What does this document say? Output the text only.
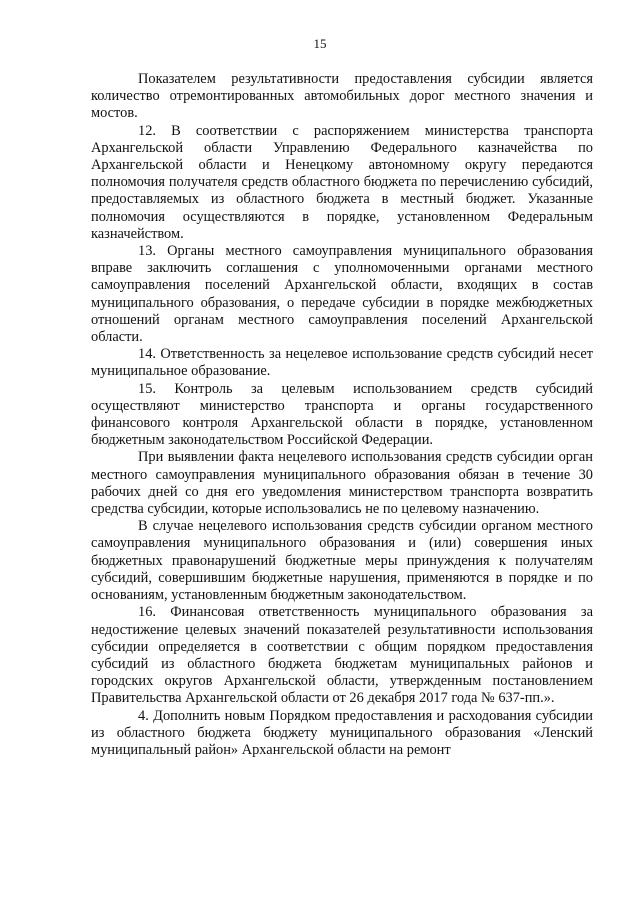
15

Показателем результативности предоставления субсидии является количество отремонтированных автомобильных дорог местного значения и мостов.

12. В соответствии с распоряжением министерства транспорта Архангельской области Управлению Федерального казначейства по Архангельской области и Ненецкому автономному округу передаются полномочия получателя средств областного бюджета по перечислению субсидий, предоставляемых из областного бюджета в местный бюджет. Указанные полномочия осуществляются в порядке, установленном Федеральным казначейством.

13. Органы местного самоуправления муниципального образования вправе заключить соглашения с уполномоченными органами местного самоуправления поселений Архангельской области, входящих в состав муниципального образования, о передаче субсидии в порядке межбюджетных отношений органам местного самоуправления поселений Архангельской области.

14. Ответственность за нецелевое использование средств субсидий несет муниципальное образование.

15. Контроль за целевым использованием средств субсидий осуществляют министерство транспорта и органы государственного финансового контроля Архангельской области в порядке, установленном бюджетным законодательством Российской Федерации.

При выявлении факта нецелевого использования средств субсидии орган местного самоуправления муниципального образования обязан в течение 30 рабочих дней со дня его уведомления министерством транспорта возвратить средства субсидии, которые использовались не по целевому назначению.

В случае нецелевого использования средств субсидии органом местного самоуправления муниципального образования и (или) совершения иных бюджетных правонарушений бюджетные меры принуждения к получателям субсидий, совершившим бюджетные нарушения, применяются в порядке и по основаниям, установленным бюджетным законодательством.

16. Финансовая ответственность муниципального образования за недостижение целевых значений показателей результативности использования субсидии определяется в соответствии с общим порядком предоставления субсидий из областного бюджета бюджетам муниципальных районов и городских округов Архангельской области, утвержденным постановлением Правительства Архангельской области от 26 декабря 2017 года № 637-пп.».

4. Дополнить новым Порядком предоставления и расходования субсидии из областного бюджета бюджету муниципального образования «Ленский муниципальный район» Архангельской области на ремонт
